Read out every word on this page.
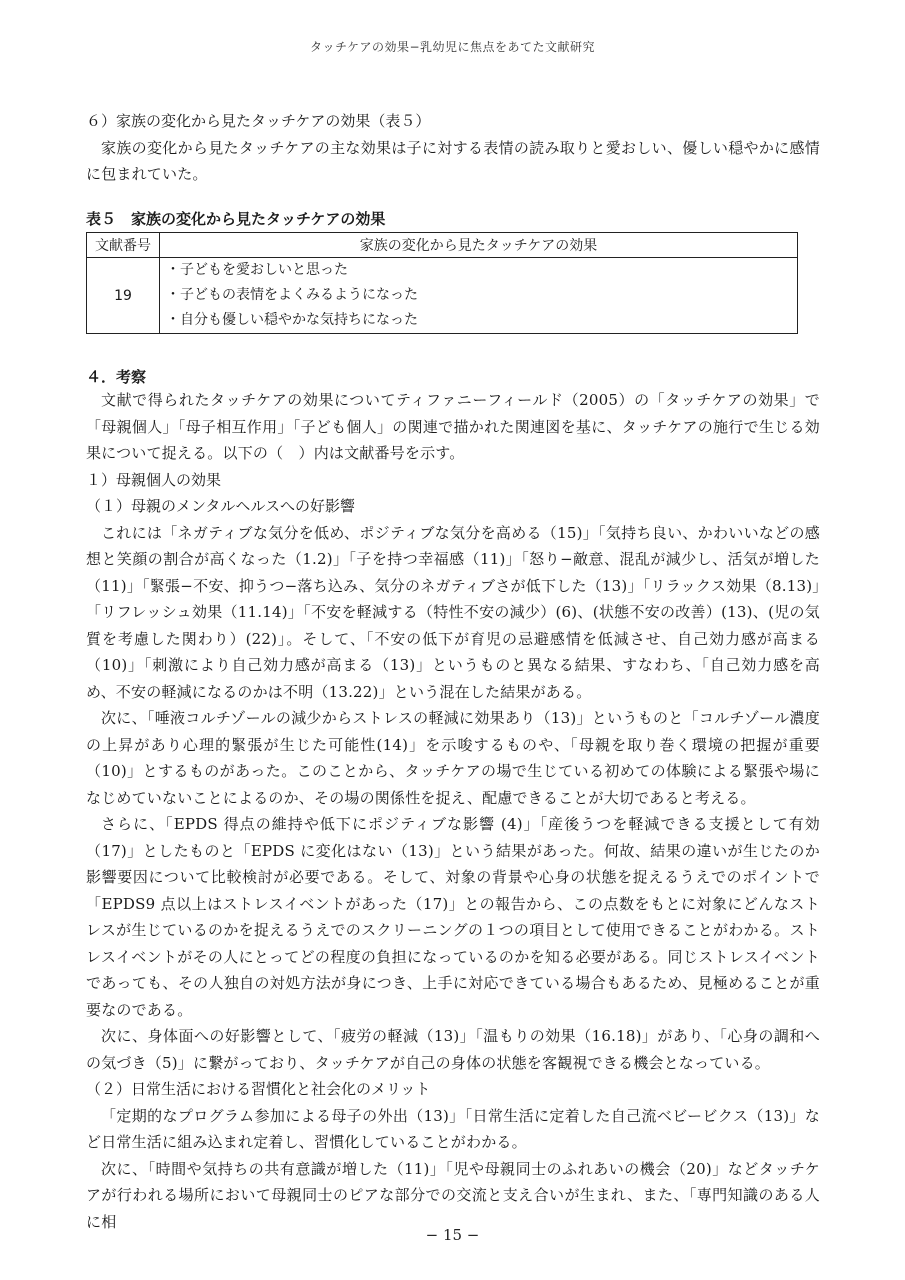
タッチケアの効果−乳幼児に焦点をあてた文献研究

６）家族の変化から見たタッチケアの効果（表５）

家族の変化から見たタッチケアの主な効果は子に対する表情の読み取りと愛おしい、優しい穏やかに感情に包まれていた。

表５　家族の変化から見たタッチケアの効果

文献番号	家族の変化から見たタッチケアの効果
19	・子どもを愛おしいと思った
・子どもの表情をよくみるようになった
・自分も優しい穏やかな気持ちになった

４．考察

文献で得られたタッチケアの効果についてティファニーフィールド（2005）の「タッチケアの効果」で「母親個人」「母子相互作用」「子ども個人」の関連で描かれた関連図を基に、タッチケアの施行で生じる効果について捉える。以下の（　）内は文献番号を示す。

１）母親個人の効果

（１）母親のメンタルヘルスへの好影響

これには「ネガティブな気分を低め、ポジティブな気分を高める（15)」「気持ち良い、かわいいなどの感想と笑顔の割合が高くなった（1.2)」「子を持つ幸福感（11)」「怒り−敵意、混乱が減少し、活気が増した（11)」「緊張−不安、抑うつ−落ち込み、気分のネガティブさが低下した（13)」「リラックス効果（8.13)」「リフレッシュ効果（11.14)」「不安を軽減する（特性不安の減少）(6)、(状態不安の改善）(13)、(児の気質を考慮した関わり）(22)」。そして、「不安の低下が育児の忌避感情を低減させ、自己効力感が高まる（10)」「刺激により自己効力感が高まる（13)」というものと異なる結果、すなわち、「自己効力感を高め、不安の軽減になるのかは不明（13.22)」という混在した結果がある。

次に、「唾液コルチゾールの減少からストレスの軽減に効果あり（13)」というものと「コルチゾール濃度の上昇があり心理的緊張が生じた可能性(14)」を示唆するものや、「母親を取り巻く環境の把握が重要（10)」とするものがあった。このことから、タッチケアの場で生じている初めての体験による緊張や場になじめていないことによるのか、その場の関係性を捉え、配慮できることが大切であると考える。

さらに、「EPDS 得点の維持や低下にポジティブな影響 (4)」「産後うつを軽減できる支援として有効（17)」としたものと「EPDS に変化はない（13)」という結果があった。何故、結果の違いが生じたのか影響要因について比較検討が必要である。そして、対象の背景や心身の状態を捉えるうえでのポイントで「EPDS9 点以上はストレスイベントがあった（17)」との報告から、この点数をもとに対象にどんなストレスが生じているのかを捉えるうえでのスクリーニングの１つの項目として使用できることがわかる。ストレスイベントがその人にとってどの程度の負担になっているのかを知る必要がある。同じストレスイベントであっても、その人独自の対処方法が身につき、上手に対応できている場合もあるため、見極めることが重要なのである。

次に、身体面への好影響として、「疲労の軽減（13)」「温もりの効果（16.18)」があり、「心身の調和への気づき（5)」に繋がっており、タッチケアが自己の身体の状態を客観視できる機会となっている。

（２）日常生活における習慣化と社会化のメリット

「定期的なプログラム参加による母子の外出（13)」「日常生活に定着した自己流ベビービクス（13)」など日常生活に組み込まれ定着し、習慣化していることがわかる。

次に、「時間や気持ちの共有意識が増した（11)」「児や母親同士のふれあいの機会（20)」などタッチケアが行われる場所において母親同士のピアな部分での交流と支え合いが生まれ、また、「専門知識のある人に相

− 15 −
